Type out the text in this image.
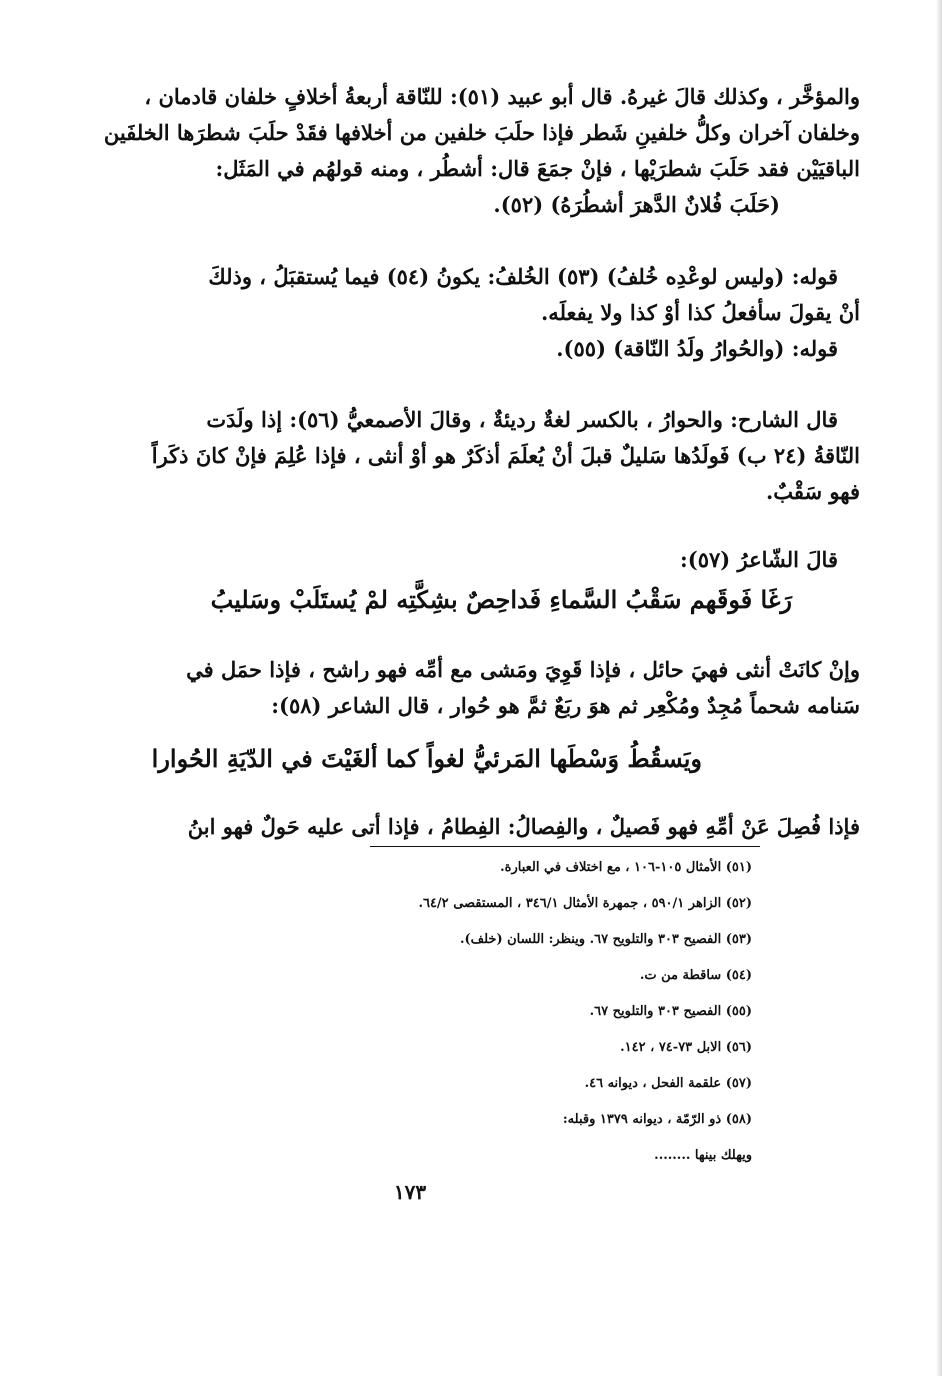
والمؤخَّر ، وكذلك قالَ غيرهُ. قال أبو عبيد (٥١): للنّاقة أربعةُ أخلافٍ خلفان قادمان ،
وخلفان آخران وكلُّ خلفينِ شَطر فإذا حلَبَ خلفين من أخلافها فقَدْ حلَبَ شطرَها الخلفَين
الباقيَيْن فقد حَلَبَ شطرَيْها ، فإنْ جمَعَ قال: أشطُر ، ومنه قولهُم في المَثَل:
(حَلَبَ فُلانٌ الدَّهرَ أشطُرَهُ) (٥٢).
قوله: (وليس لوعْدِه خُلفُ) (٥٣) الخُلفُ: يكونُ (٥٤) فيما يُستقبَلُ ، وذلكَ
أنْ يقولَ سأفعلُ كذا أوْ كذا ولا يفعلَه.
قوله: (والحُوارُ ولَدُ النّاقة) (٥٥).
قال الشارح: والحوارُ ، بالكسر لغةٌ رديئةٌ ، وقالَ الأصمعيُّ (٥٦): إذا ولَدَت
النّاقةُ (٢٤ ب) فَولَدُها سَليلٌ قبلَ أنْ يُعلَمَ أذكَرٌ هو أوْ أنثى ، فإذا عُلِمَ فإنْ كانَ ذكَراً
فهو سَقْبٌ.
قالَ الشّاعرُ (٥٧):
رَغَا فَوقَهم سَقْبُ السَّماءِ فَداحِصٌ بشِكَّتِه لمْ يُستَلَبْ وسَليبُ
وإنْ كانَتْ أنثى فهيَ حائل ، فإذا قَوِيَ ومَشى مع أمِّه فهو راشح ، فإذا حمَل في
سَنامه شحماً مُجِدٌ ومُكْعِر ثم هوَ ربَعٌ ثمَّ هو حُوار ، قال الشاعر (٥٨):
ويَسقُطُ وَسْطَها المَرئيُّ لغواً كما ألغَيْتَ في الدّيَةِ الحُوارا
فإذا فُصِلَ عَنْ أمِّهِ فهو فَصيلٌ ، والفِصالُ: الفِطامُ ، فإذا أتى عليه حَولٌ فهو ابنُ
(٥١) الأمثال ١٠٥-١٠٦ ، مع اختلاف في العبارة.
(٥٢) الزاهر ٥٩٠/١ ، جمهرة الأمثال ٣٤٦/١ ، المستقصى ٦٤/٢.
(٥٣) الفصيح ٣٠٣ والتلويح ٦٧. وينظر: اللسان (خلف).
(٥٤) ساقطة من ت.
(٥٥) الفصيح ٣٠٣ والتلويح ٦٧.
(٥٦) الابل ٧٣-٧٤ ، ١٤٢.
(٥٧) علقمة الفحل ، ديوانه ٤٦.
(٥٨) ذو الرّمّة ، ديوانه ١٣٧٩ وقبله:
ويهلك بينها ........
١٧٣
